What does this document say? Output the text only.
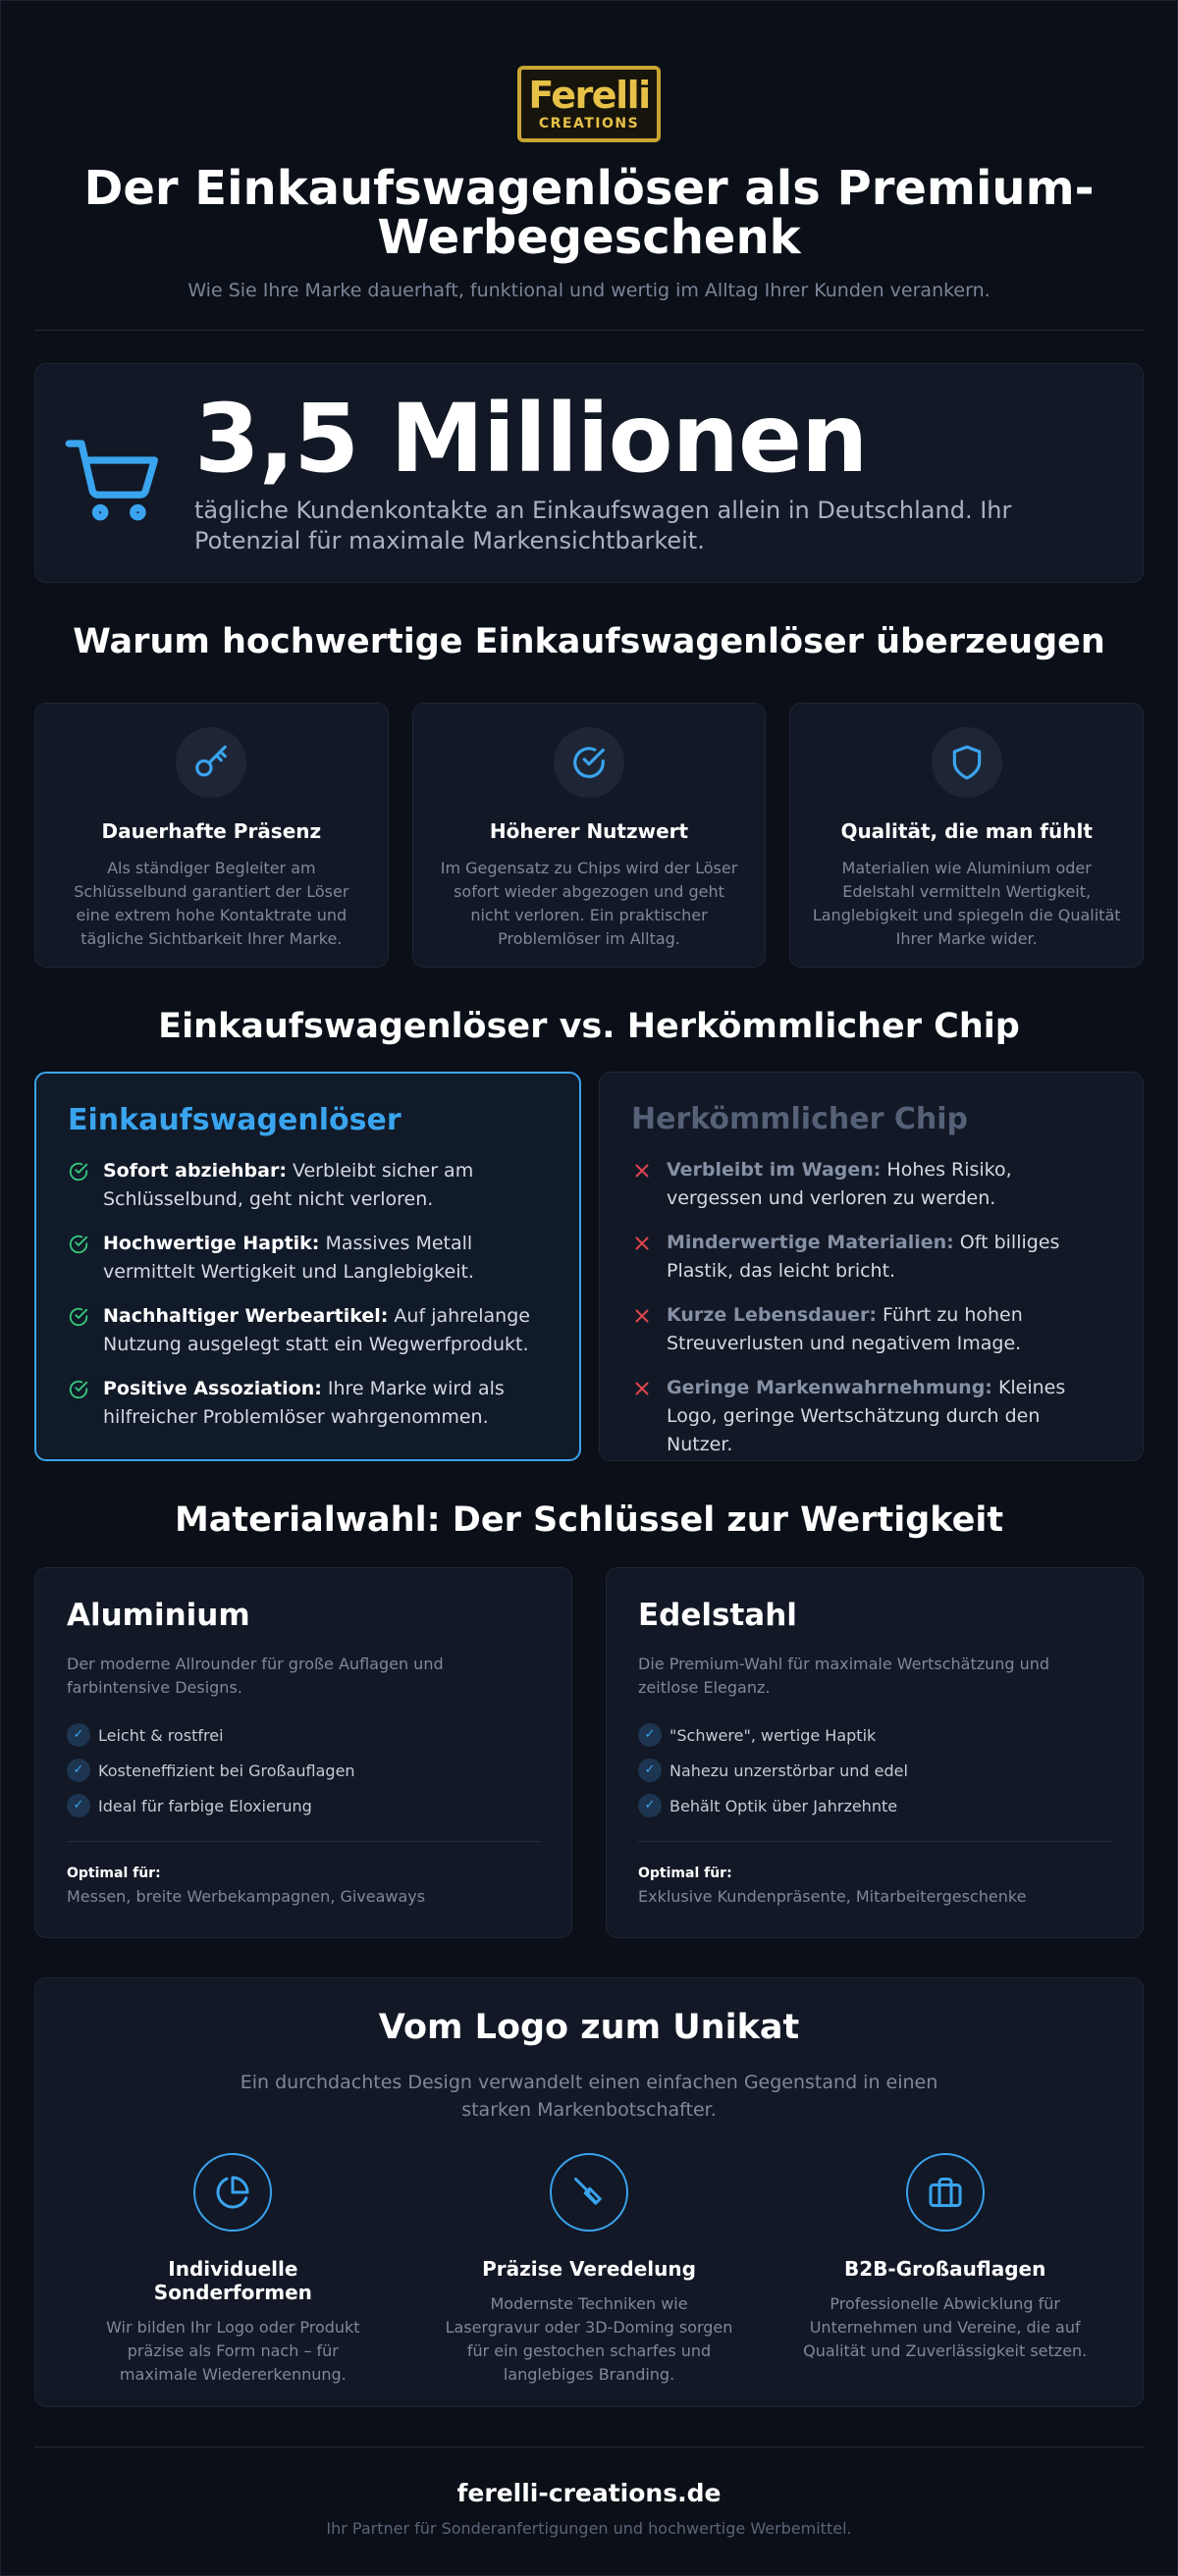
Ferelli
CREATIONS
Der Einkaufswagenlöser als Premium-Werbegeschenk

Wie Sie Ihre Marke dauerhaft, funktional und wertig im Alltag Ihrer Kunden verankern.

3,5 Millionen
tägliche Kundenkontakte an Einkaufswagen allein in Deutschland. Ihr Potenzial für maximale Markensichtbarkeit.
Warum hochwertige Einkaufswagenlöser überzeugen
Dauerhafte Präsenz
Als ständiger Begleiter am Schlüsselbund garantiert der Löser eine extrem hohe Kontaktrate und tägliche Sichtbarkeit Ihrer Marke.
Höherer Nutzwert
Im Gegensatz zu Chips wird der Löser sofort wieder abgezogen und geht nicht verloren. Ein praktischer Problemlöser im Alltag.
Qualität, die man fühlt
Materialien wie Aluminium oder Edelstahl vermitteln Wertigkeit, Langlebigkeit und spiegeln die Qualität Ihrer Marke wider.
Einkaufswagenlöser vs. Herkömmlicher Chip
Einkaufswagenlöser
Sofort abziehbar: Verbleibt sicher am Schlüsselbund, geht nicht verloren.
Hochwertige Haptik: Massives Metall vermittelt Wertigkeit und Langlebigkeit.
Nachhaltiger Werbeartikel: Auf jahrelange Nutzung ausgelegt statt ein Wegwerfprodukt.
Positive Assoziation: Ihre Marke wird als hilfreicher Problemlöser wahrgenommen.
Herkömmlicher Chip
Verbleibt im Wagen: Hohes Risiko, vergessen und verloren zu werden.
Minderwertige Materialien: Oft billiges Plastik, das leicht bricht.
Kurze Lebensdauer: Führt zu hohen Streuverlusten und negativem Image.
Geringe Markenwahrnehmung: Kleines Logo, geringe Wertschätzung durch den Nutzer.
Materialwahl: Der Schlüssel zur Wertigkeit
Aluminium
Der moderne Allrounder für große Auflagen und farbintensive Designs.
✓ Leicht & rostfrei
✓ Kosteneffizient bei Großauflagen
✓ Ideal für farbige Eloxierung
Optimal für:
Messen, breite Werbekampagnen, Giveaways
Edelstahl
Die Premium-Wahl für maximale Wertschätzung und zeitlose Eleganz.
✓ "Schwere", wertige Haptik
✓ Nahezu unzerstörbar und edel
✓ Behält Optik über Jahrzehnte
Optimal für:
Exklusive Kundenpräsente, Mitarbeitergeschenke
Vom Logo zum Unikat

Ein durchdachtes Design verwandelt einen einfachen Gegenstand in einen starken Markenbotschafter.

Individuelle Sonderformen
Wir bilden Ihr Logo oder Produkt präzise als Form nach – für maximale Wiedererkennung.
Präzise Veredelung
Modernste Techniken wie Lasergravur oder 3D-Doming sorgen für ein gestochen scharfes und langlebiges Branding.
B2B-Großauflagen
Professionelle Abwicklung für Unternehmen und Vereine, die auf Qualität und Zuverlässigkeit setzen.
ferelli-creations.de
Ihr Partner für Sonderanfertigungen und hochwertige Werbemittel.
